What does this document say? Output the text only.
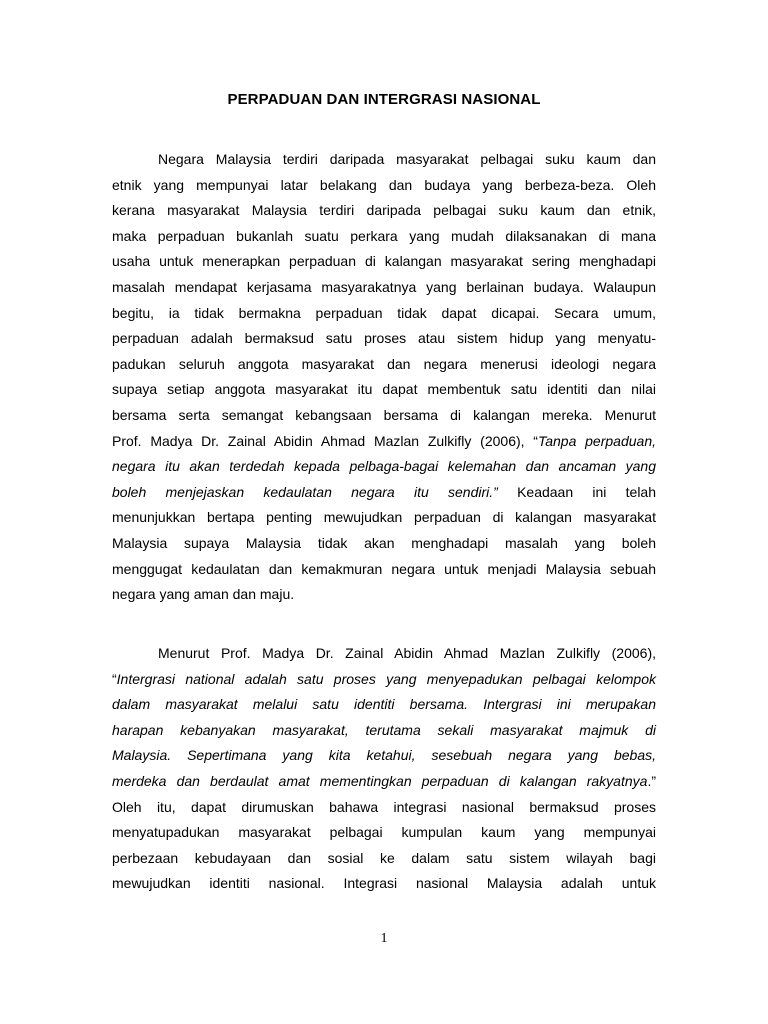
PERPADUAN DAN INTERGRASI NASIONAL
Negara Malaysia terdiri daripada masyarakat pelbagai suku kaum dan
etnik yang mempunyai latar belakang dan budaya yang berbeza-beza. Oleh
kerana masyarakat Malaysia terdiri daripada pelbagai suku kaum dan etnik,
maka perpaduan bukanlah suatu perkara yang mudah dilaksanakan di mana
usaha untuk menerapkan perpaduan di kalangan masyarakat sering menghadapi
masalah mendapat kerjasama masyarakatnya yang berlainan budaya. Walaupun
begitu, ia tidak bermakna perpaduan tidak dapat dicapai. Secara umum,
perpaduan adalah bermaksud satu proses atau sistem hidup yang menyatu-
padukan seluruh anggota masyarakat dan negara menerusi ideologi negara
supaya setiap anggota masyarakat itu dapat membentuk satu identiti dan nilai
bersama serta semangat kebangsaan bersama di kalangan mereka. Menurut
Prof. Madya Dr. Zainal Abidin Ahmad Mazlan Zulkifly (2006), “Tanpa perpaduan,
negara itu akan terdedah kepada pelbaga-bagai kelemahan dan ancaman yang
boleh menjejaskan kedaulatan negara itu sendiri.” Keadaan ini telah
menunjukkan bertapa penting mewujudkan perpaduan di kalangan masyarakat
Malaysia supaya Malaysia tidak akan menghadapi masalah yang boleh
menggugat kedaulatan dan kemakmuran negara untuk menjadi Malaysia sebuah
negara yang aman dan maju.
Menurut Prof. Madya Dr. Zainal Abidin Ahmad Mazlan Zulkifly (2006),
“Intergrasi national adalah satu proses yang menyepadukan pelbagai kelompok
dalam masyarakat melalui satu identiti bersama. Intergrasi ini merupakan
harapan kebanyakan masyarakat, terutama sekali masyarakat majmuk di
Malaysia. Sepertimana yang kita ketahui, sesebuah negara yang bebas,
merdeka dan berdaulat amat mementingkan perpaduan di kalangan rakyatnya.”
Oleh itu, dapat dirumuskan bahawa integrasi nasional bermaksud proses
menyatupadukan masyarakat pelbagai kumpulan kaum yang mempunyai
perbezaan kebudayaan dan sosial ke dalam satu sistem wilayah bagi
mewujudkan identiti nasional. Integrasi nasional Malaysia adalah untuk

1
